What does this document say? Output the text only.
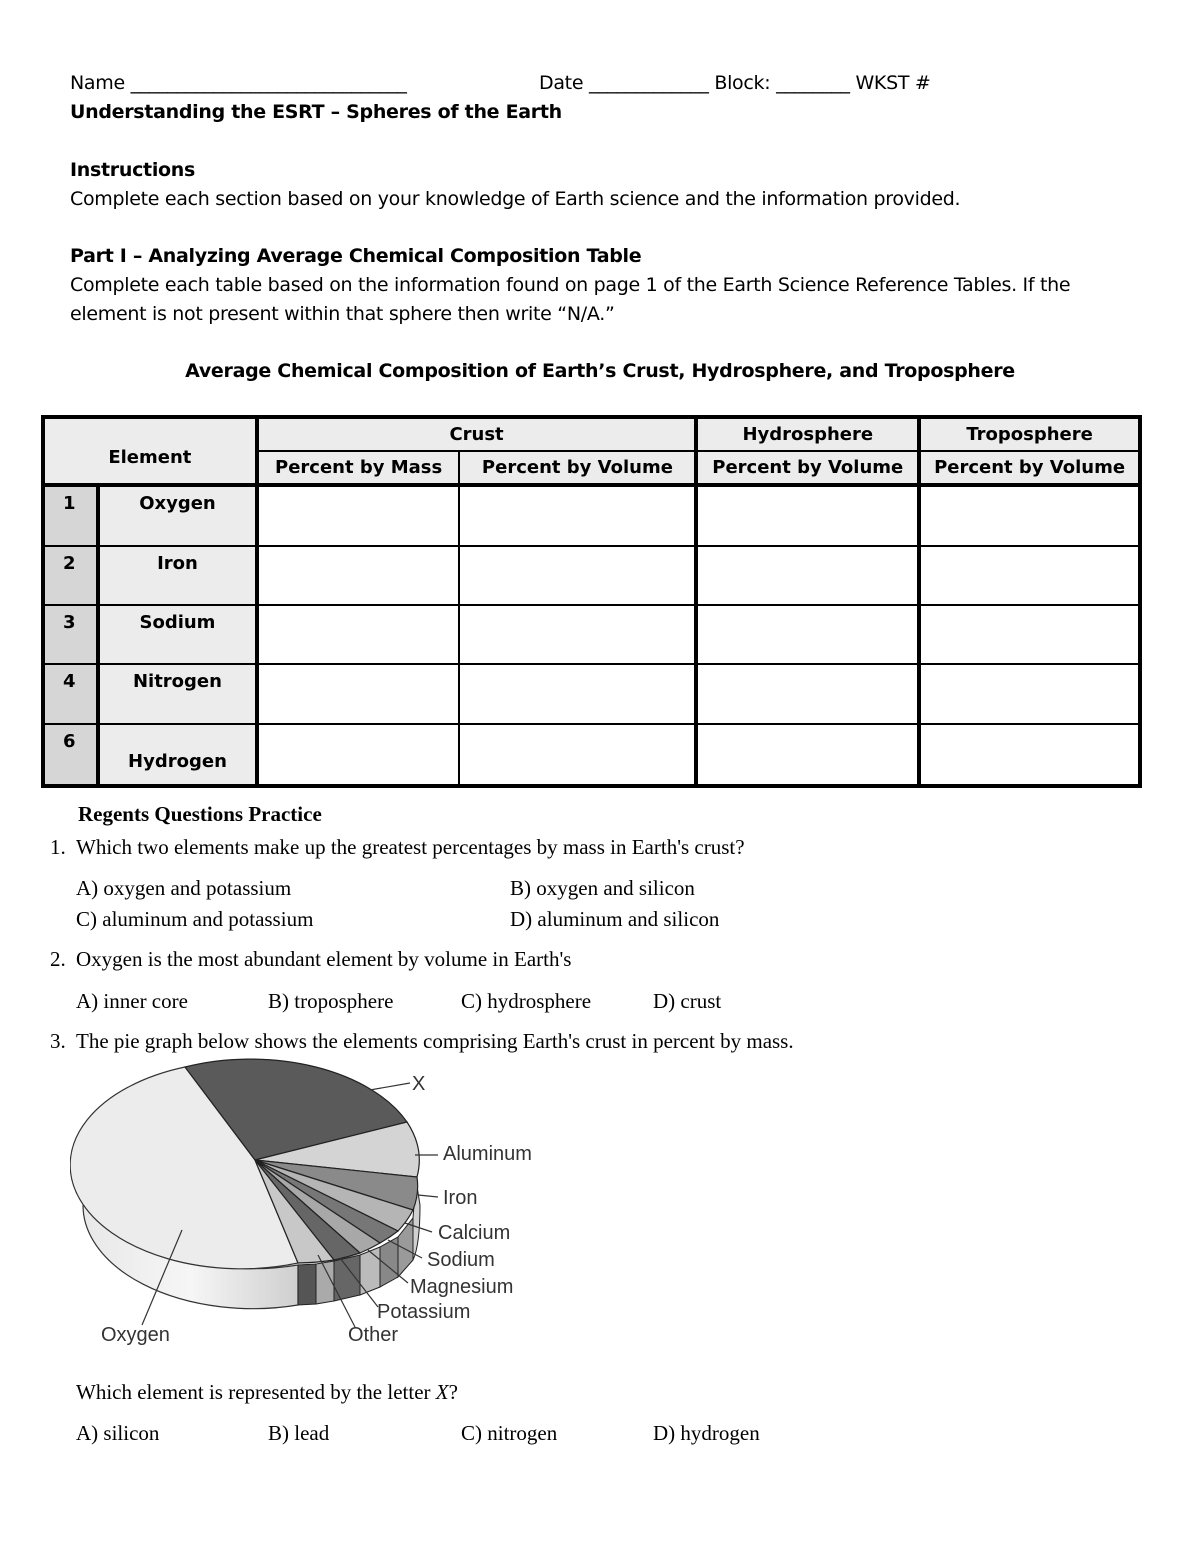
Name ______________________________	Date _____________ Block: ________ WKST #
Understanding the ESRT – Spheres of the Earth
Instructions
Complete each section based on your knowledge of Earth science and the information provided.
Part I – Analyzing Average Chemical Composition Table
Complete each table based on the information found on page 1 of the Earth Science Reference Tables. If the
element is not present within that sphere then write “N/A.”
Average Chemical Composition of Earth’s Crust, Hydrosphere, and Troposphere
Element		Crust		Hydrosphere	Troposphere
		Percent by Mass	Percent by Volume	Percent by Volume	Percent by Volume
1	Oxygen				
2	Iron				
3	Sodium				
4	Nitrogen				
6	Hydrogen				
Regents Questions Practice
1. Which two elements make up the greatest percentages by mass in Earth's crust?
A) oxygen and potassium	B) oxygen and silicon
C) aluminum and potassium	D) aluminum and silicon
2. Oxygen is the most abundant element by volume in Earth's
A) inner core	B) troposphere	C) hydrosphere	D) crust
3. The pie graph below shows the elements comprising Earth's crust in percent by mass.
X
Aluminum
Iron
Calcium
Sodium
Magnesium
Potassium
Other
Oxygen
Which element is represented by the letter X?
A) silicon	B) lead	C) nitrogen	D) hydrogen
